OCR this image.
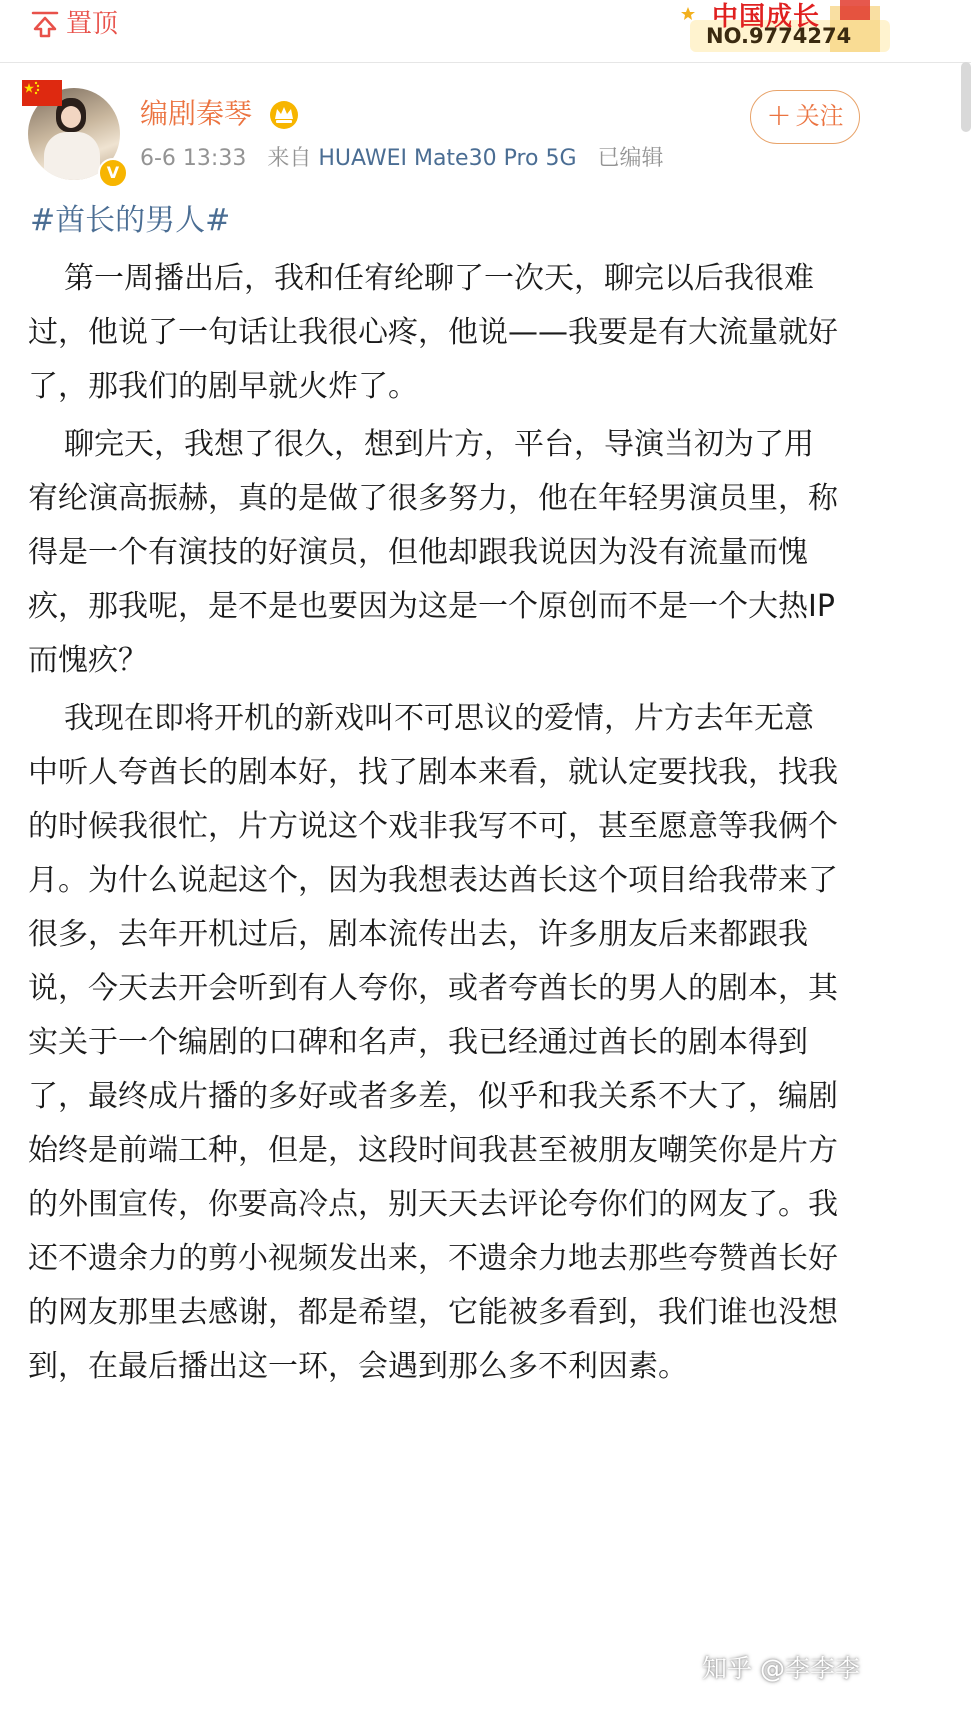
置顶	中国成长
NO.9774274
V
编剧秦琴
6-6 13:33 来自 HUAWEI Mate30 Pro 5G 已编辑
+ 关注
#酋长的男人#

第一周播出后，我和任宥纶聊了一次天，聊完以后我很难过，他说了一句话让我很心疼，他说——我要是有大流量就好了，那我们的剧早就火炸了。

聊完天，我想了很久，想到片方，平台，导演当初为了用宥纶演高振赫，真的是做了很多努力，他在年轻男演员里，称得是一个有演技的好演员，但他却跟我说因为没有流量而愧疚，那我呢，是不是也要因为这是一个原创而不是一个大热IP而愧疚？

我现在即将开机的新戏叫不可思议的爱情，片方去年无意中听人夸酋长的剧本好，找了剧本来看，就认定要找我，找我的时候我很忙，片方说这个戏非我写不可，甚至愿意等我俩个月。为什么说起这个，因为我想表达酋长这个项目给我带来了很多，去年开机过后，剧本流传出去，许多朋友后来都跟我说，今天去开会听到有人夸你，或者夸酋长的男人的剧本，其实关于一个编剧的口碑和名声，我已经通过酋长的剧本得到了，最终成片播的多好或者多差，似乎和我关系不大了，编剧始终是前端工种，但是，这段时间我甚至被朋友嘲笑你是片方的外围宣传，你要高冷点，别天天去评论夸你们的网友了。我还不遗余力的剪小视频发出来，不遗余力地去那些夸赞酋长好的网友那里去感谢，都是希望，它能被多看到，我们谁也没想到，在最后播出这一环，会遇到那么多不利因素。

知乎 @李李李
